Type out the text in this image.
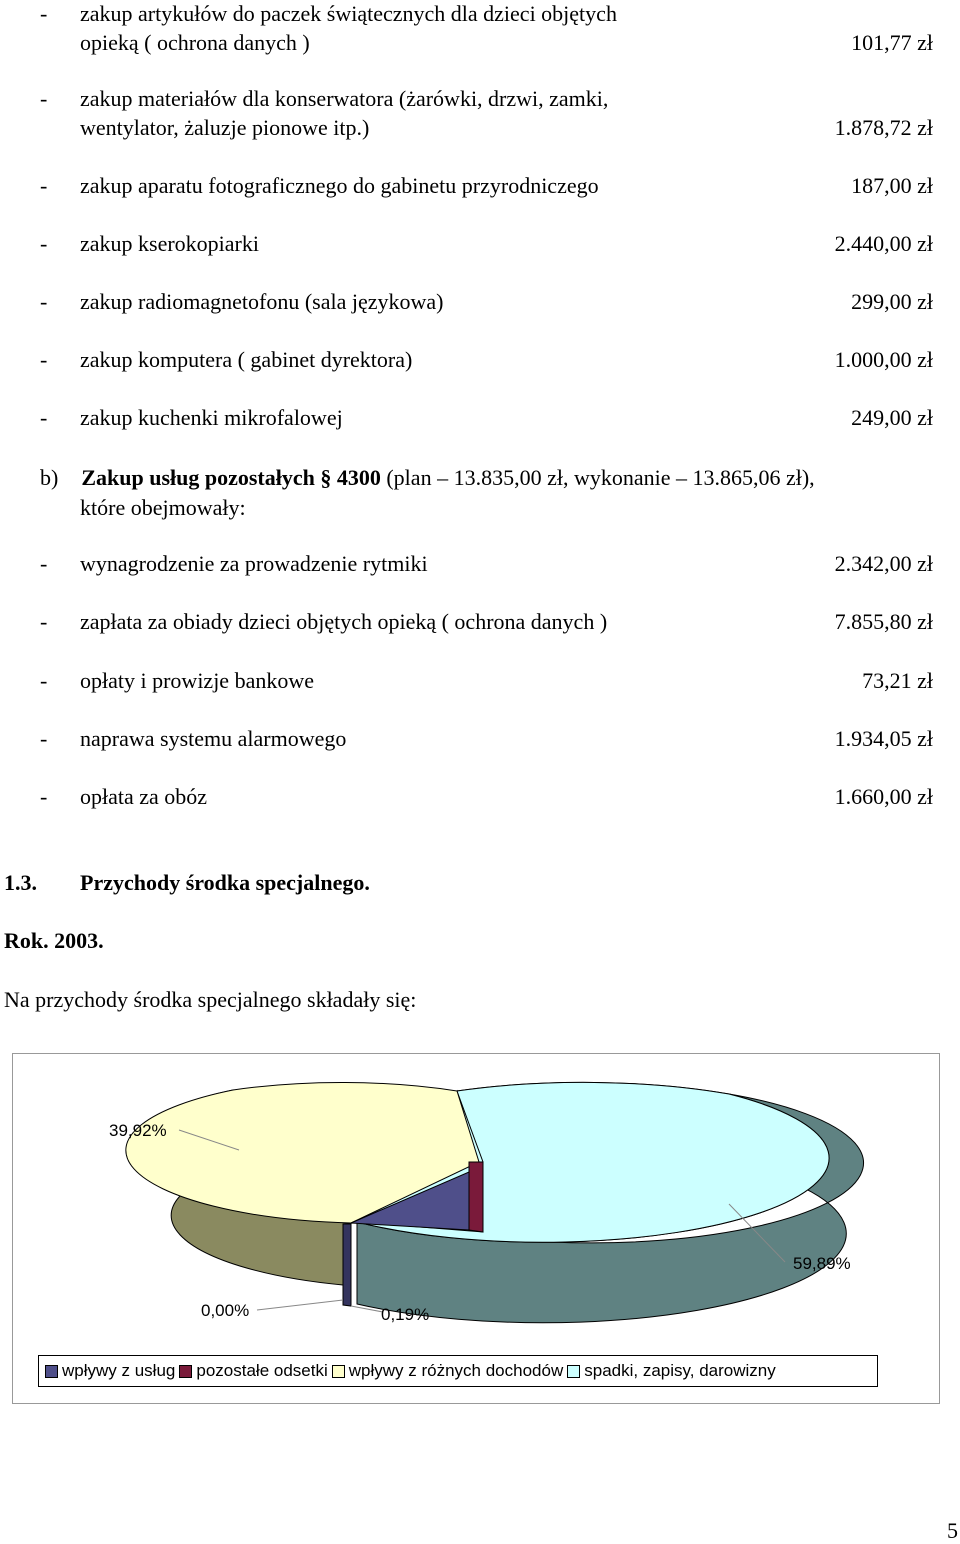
- zakup artykułów do paczek świątecznych dla dzieci objętych
opieką ( ochrona danych )	101,77 zł
- zakup materiałów dla konserwatora (żarówki, drzwi, zamki,
wentylator, żaluzje pionowe itp.)	1.878,72 zł
- zakup aparatu fotograficznego do gabinetu przyrodniczego	187,00 zł
- zakup kserokopiarki	2.440,00 zł
- zakup radiomagnetofonu (sala językowa)	299,00 zł
- zakup komputera ( gabinet dyrektora)	1.000,00 zł
- zakup kuchenki mikrofalowej	249,00 zł
b) Zakup usług pozostałych § 4300 (plan – 13.835,00 zł, wykonanie – 13.865,06 zł),
które obejmowały:
- wynagrodzenie za prowadzenie rytmiki	2.342,00 zł
- zapłata za obiady dzieci objętych opieką ( ochrona danych )	7.855,80 zł
- opłaty i prowizje bankowe	73,21 zł
- naprawa systemu alarmowego	1.934,05 zł
- opłata za obóz	1.660,00 zł
1.3. Przychody środka specjalnego.
Rok. 2003.
Na przychody środka specjalnego składały się:
39,92%
59,89%
0,00%	0,19%
wpływy z usług pozostałe odsetki wpływy z różnych dochodów spadki, zapisy, darowizny
5
